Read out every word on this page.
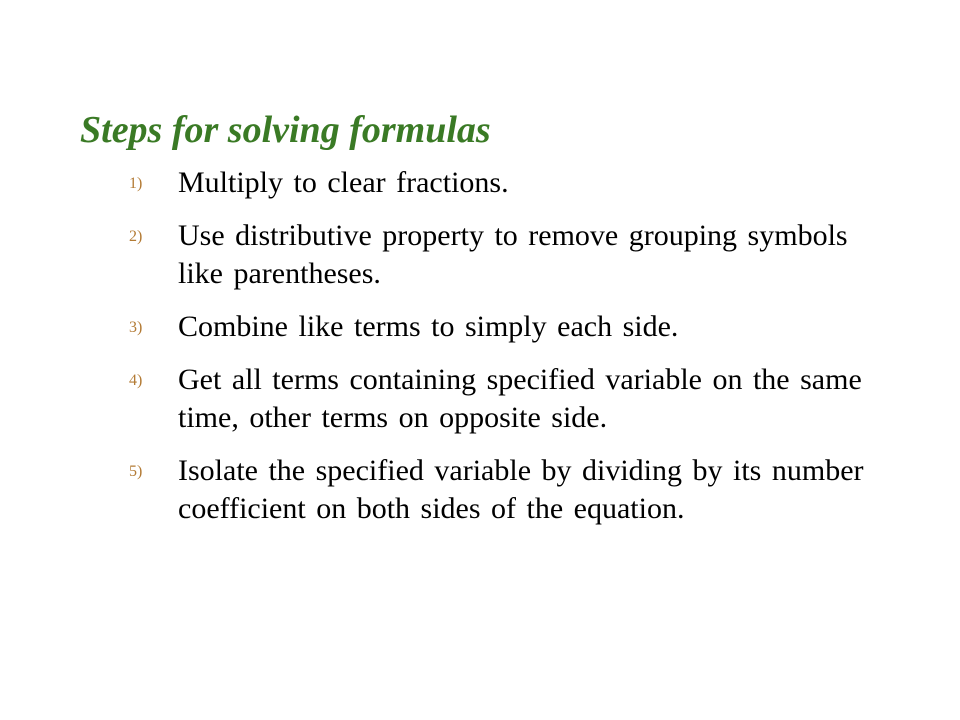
Steps for solving formulas
1) Multiply to clear fractions.
2) Use distributive property to remove grouping symbols like parentheses.
3) Combine like terms to simply each side.
4) Get all terms containing specified variable on the same time, other terms on opposite side.
5) Isolate the specified variable by dividing by its number coefficient on both sides of the equation.
